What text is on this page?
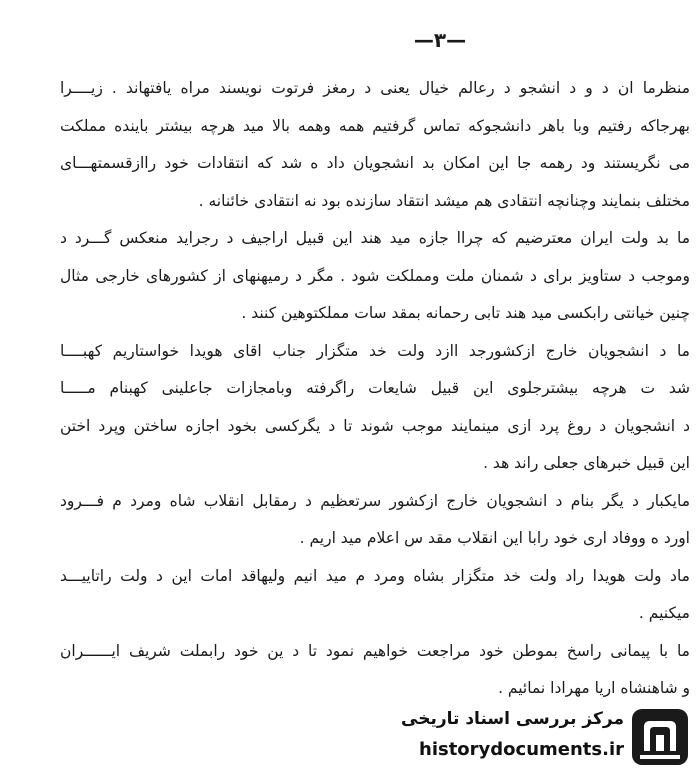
—۳—
منظرما ان د و د انشجو د رعالم خیال یعنی د رمغز فرتوت نویسند مراه یافتهاند . زیــــرا
بهرجاکه رفتیم وبا باهر دانشجوکه تماس گرفتیم همه وهمه بالا مید هرچه بیشتر باینده مملکت
می نگریستند ود رهمه جا این امکان بد انشجویان داد ه شد که انتقادات خود راازقسمتهـــای
مختلف بنمایند وچنانچه انتقادی هم میشد انتقاد سازنده بود نه انتقادی خائنانه .
ما بد ولت ایران معترضیم که چراا جازه مید هند این قبیل اراجیف د رجراید منعکس گـــرد د
وموجب د ستاویز برای د شمنان ملت ومملکت شود . مگر د رمیهنهای از کشورهای خارجی مثال
چنین خیانتی رابکسی مید هند تابی رحمانه بمقد سات مملکتوهین کنند .
ما د انشجویان خارج ازکشورجد اازد ولت خد متگزار جناب اقای هویدا خواستاریم کهبــــا
شد ت هرچه بیشترجلوی این قبیل شایعات راگرفته وبامجازات جاعلینی کهبنام مـــــا
د انشجویان د روغ پرد ازی مینمایند موجب شوند تا د یگرکسی بخود اجازه ساختن وپرد اختن
این قبیل خبرهای جعلی راند هد .
مایکبار د یگر بنام د انشجویان خارج ازکشور سرتعظیم د رمقابل انقلاب شاه ومرد م فـــرود
اورد ه ووفاد اری خود رابا این انقلاب مقد س اعلام مید اریم .
ماد ولت هویدا راد ولت خد متگزار بشاه ومرد م مید انیم ولیهاقد امات این د ولت راتاییـــد
میکنیم .
ما با پیمانی راسخ بموطن خود مراجعت خواهیم نمود تا د ین خود رابملت شریف ایــــــران
و شاهنشاه اریا مهرادا نمائیم .
مرکز بررسی اسناد تاریخی
historydocuments.ir
